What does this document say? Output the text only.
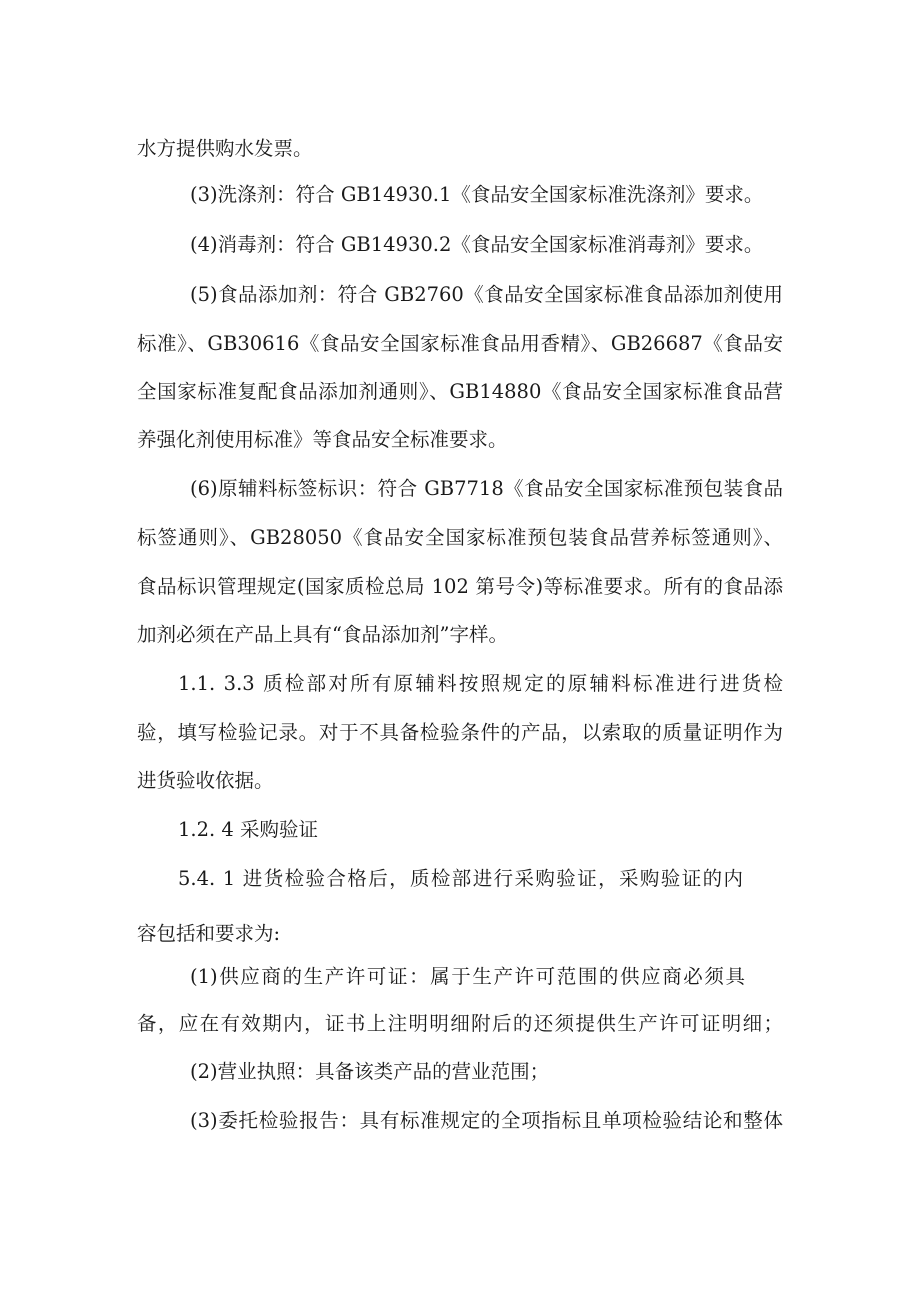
水方提供购水发票。
(3)洗涤剂：符合 GB14930.1《食品安全国家标准洗涤剂》要求。
(4)消毒剂：符合 GB14930.2《食品安全国家标准消毒剂》要求。
(5)食品添加剂：符合 GB2760《食品安全国家标准食品添加剂使用
标准》、GB30616《食品安全国家标准食品用香精》、GB26687《食品安
全国家标准复配食品添加剂通则》、GB14880《食品安全国家标准食品营
养强化剂使用标准》等食品安全标准要求。
(6)原辅料标签标识：符合 GB7718《食品安全国家标准预包装食品
标签通则》、GB28050《食品安全国家标准预包装食品营养标签通则》、
食品标识管理规定(国家质检总局 102 第号令)等标准要求。所有的食品添
加剂必须在产品上具有“食品添加剂”字样。
1.1. 3.3 质检部对所有原辅料按照规定的原辅料标准进行进货检
验，填写检验记录。对于不具备检验条件的产品，以索取的质量证明作为
进货验收依据。
1.2. 4 采购验证
5.4. 1 进货检验合格后，质检部进行采购验证，采购验证的内
容包括和要求为:
(1)供应商的生产许可证：属于生产许可范围的供应商必须具
备，应在有效期内，证书上注明明细附后的还须提供生产许可证明细；
(2)营业执照：具备该类产品的营业范围；
(3)委托检验报告：具有标准规定的全项指标且单项检验结论和整体
